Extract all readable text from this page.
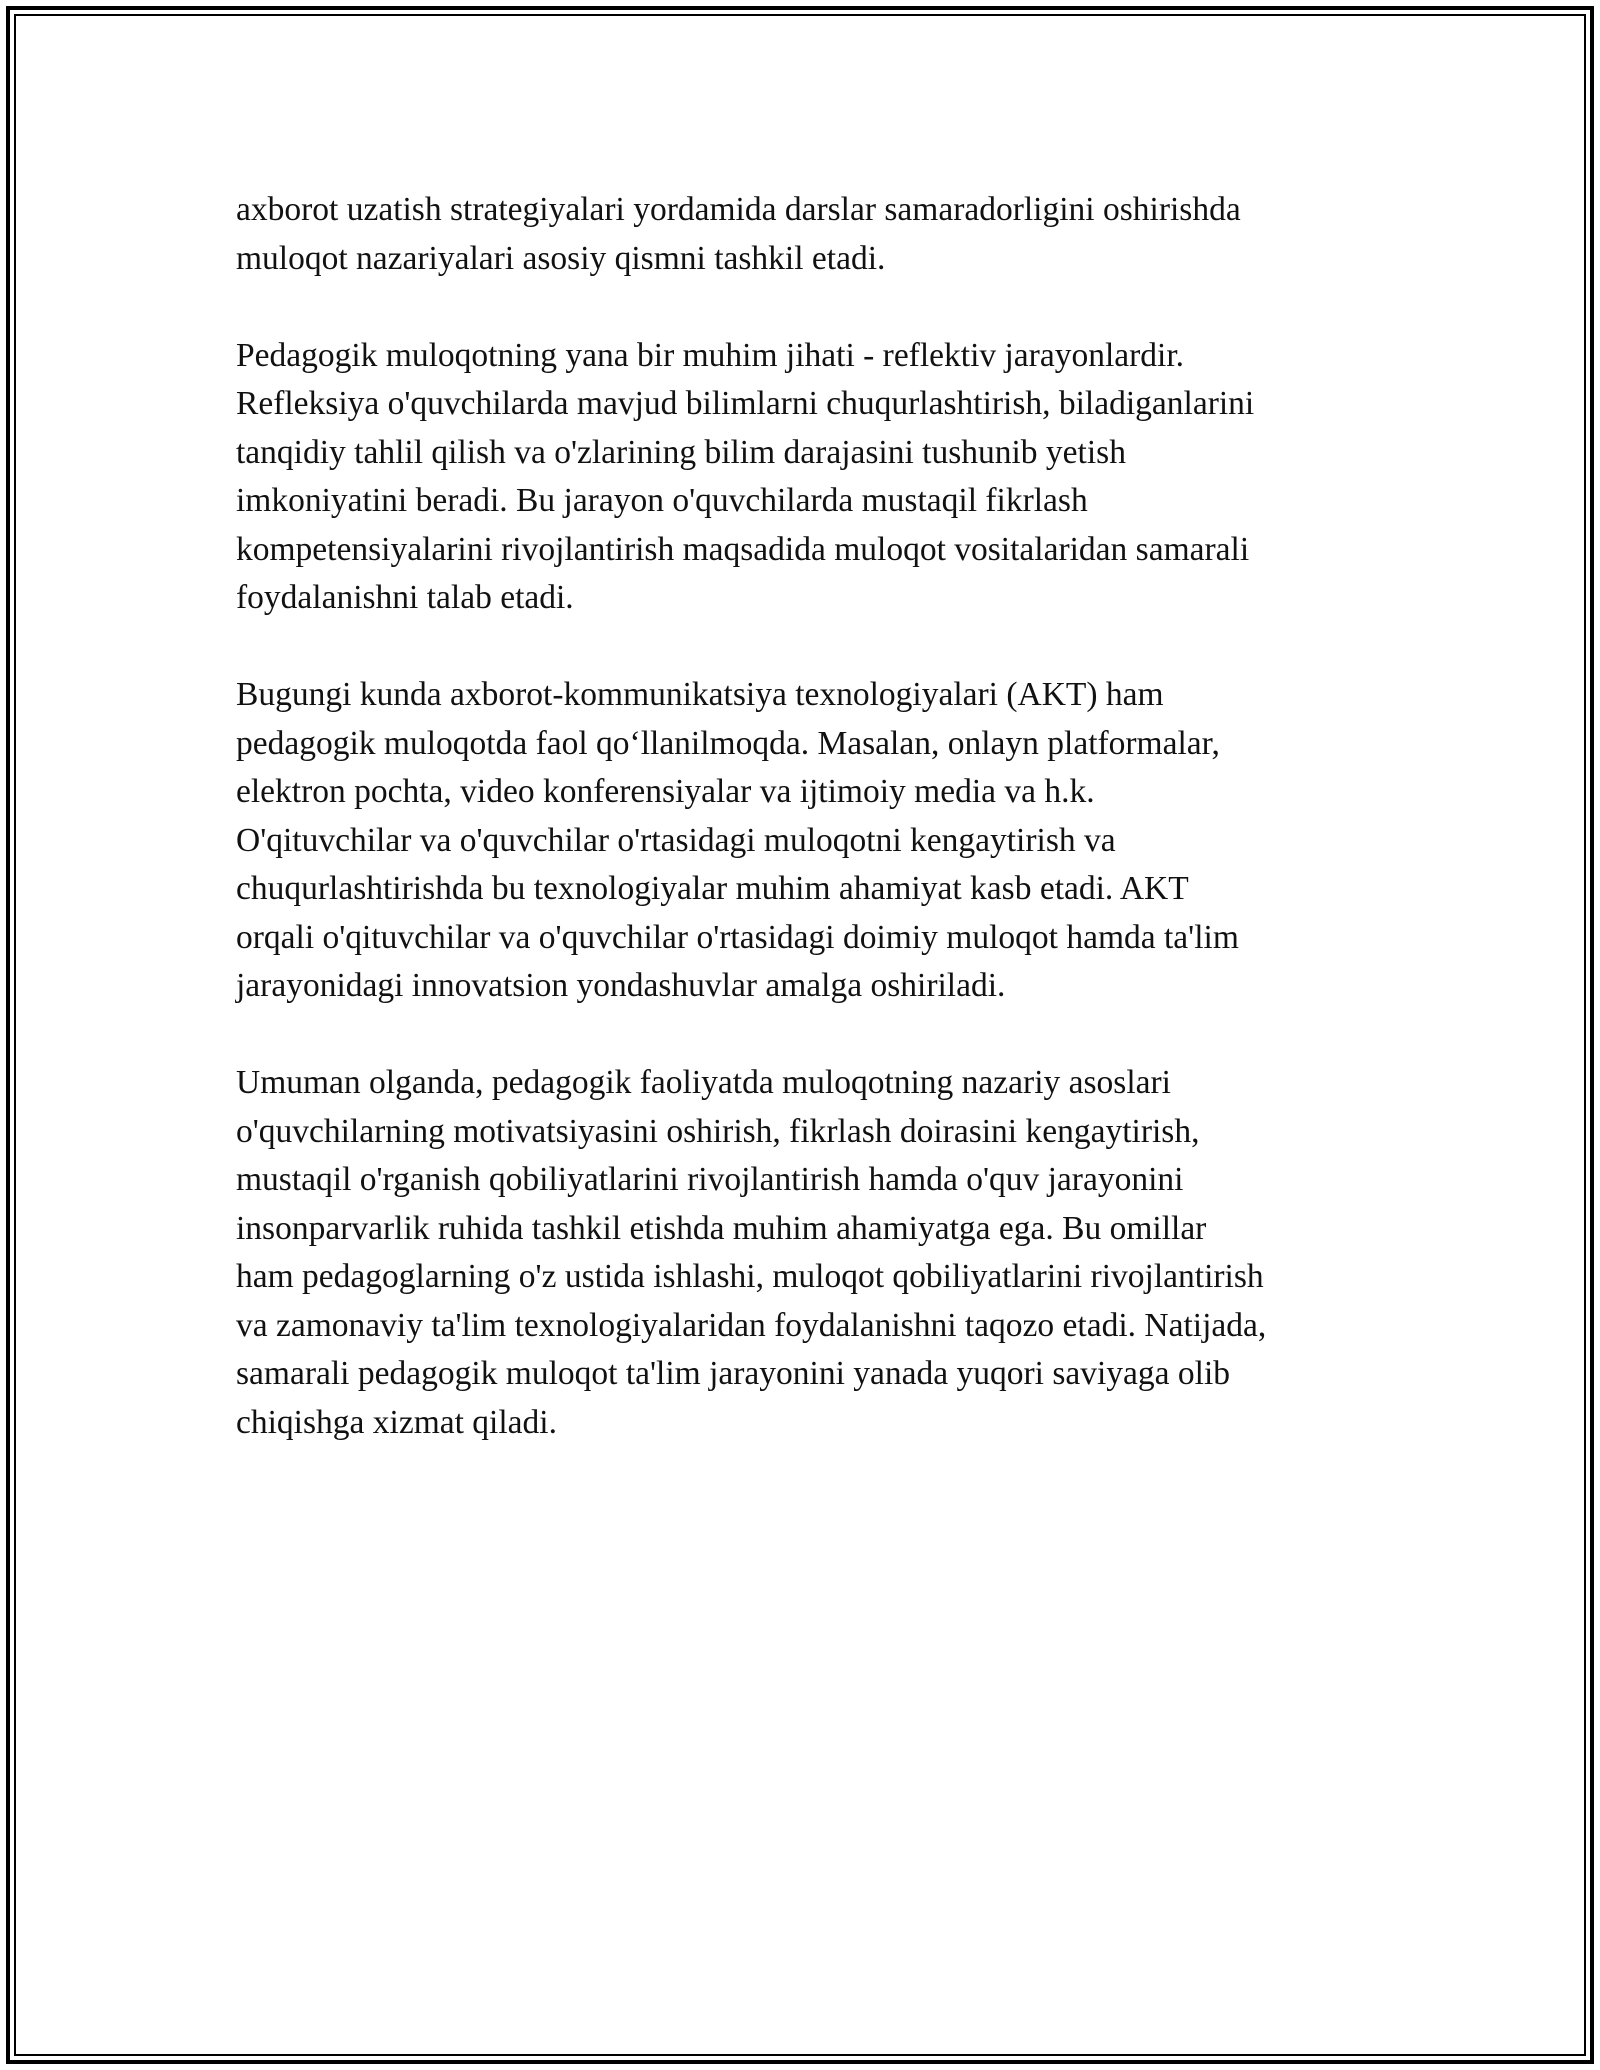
axborot uzatish strategiyalari yordamida darslar samaradorligini oshirishda
muloqot nazariyalari asosiy qismni tashkil etadi.

Pedagogik muloqotning yana bir muhim jihati - reflektiv jarayonlardir.
Refleksiya o'quvchilarda mavjud bilimlarni chuqurlashtirish, biladiganlarini
tanqidiy tahlil qilish va o'zlarining bilim darajasini tushunib yetish
imkoniyatini beradi. Bu jarayon o'quvchilarda mustaqil fikrlash
kompetensiyalarini rivojlantirish maqsadida muloqot vositalaridan samarali
foydalanishni talab etadi.

Bugungi kunda axborot-kommunikatsiya texnologiyalari (AKT) ham
pedagogik muloqotda faol qo‘llanilmoqda. Masalan, onlayn platformalar,
elektron pochta, video konferensiyalar va ijtimoiy media va h.k.
O'qituvchilar va o'quvchilar o'rtasidagi muloqotni kengaytirish va
chuqurlashtirishda bu texnologiyalar muhim ahamiyat kasb etadi. AKT
orqali o'qituvchilar va o'quvchilar o'rtasidagi doimiy muloqot hamda ta'lim
jarayonidagi innovatsion yondashuvlar amalga oshiriladi.

Umuman olganda, pedagogik faoliyatda muloqotning nazariy asoslari
o'quvchilarning motivatsiyasini oshirish, fikrlash doirasini kengaytirish,
mustaqil o'rganish qobiliyatlarini rivojlantirish hamda o'quv jarayonini
insonparvarlik ruhida tashkil etishda muhim ahamiyatga ega. Bu omillar
ham pedagoglarning o'z ustida ishlashi, muloqot qobiliyatlarini rivojlantirish
va zamonaviy ta'lim texnologiyalaridan foydalanishni taqozo etadi. Natijada,
samarali pedagogik muloqot ta'lim jarayonini yanada yuqori saviyaga olib
chiqishga xizmat qiladi.
